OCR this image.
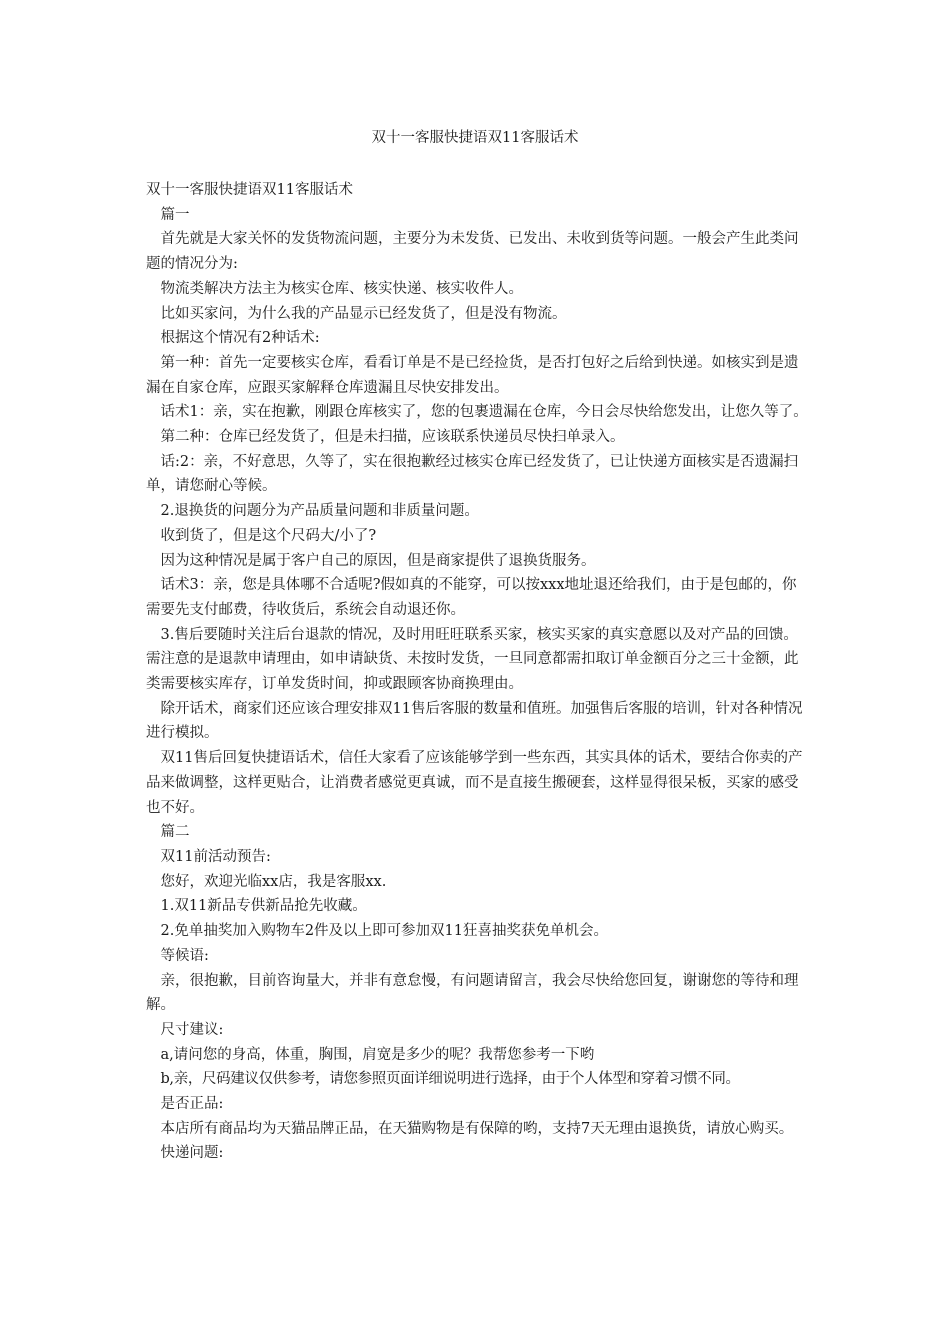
双十一客服快捷语双11客服话术

双十一客服快捷语双11客服话术

篇一

首先就是大家关怀的发货物流问题，主要分为未发货、已发出、未收到货等问题。一般会产生此类问题的情况分为:

物流类解决方法主为核实仓库、核实快递、核实收件人。

比如买家问，为什么我的产品显示已经发货了，但是没有物流。

根据这个情况有2种话术:

第一种：首先一定要核实仓库，看看订单是不是已经捡货，是否打包好之后给到快递。如核实到是遗漏在自家仓库，应跟买家解释仓库遗漏且尽快安排发出。

话术1：亲，实在抱歉，刚跟仓库核实了，您的包裹遗漏在仓库，今日会尽快给您发出，让您久等了。

第二种：仓库已经发货了，但是未扫描，应该联系快递员尽快扫单录入。

话:2：亲，不好意思，久等了，实在很抱歉经过核实仓库已经发货了，已让快递方面核实是否遗漏扫单，请您耐心等候。

2.退换货的问题分为产品质量问题和非质量问题。

收到货了，但是这个尺码大/小了?

因为这种情况是属于客户自己的原因，但是商家提供了退换货服务。

话术3：亲，您是具体哪不合适呢?假如真的不能穿，可以按xxx地址退还给我们，由于是包邮的，你需要先支付邮费，待收货后，系统会自动退还你。

3.售后要随时关注后台退款的情况，及时用旺旺联系买家，核实买家的真实意愿以及对产品的回馈。需注意的是退款申请理由，如申请缺货、未按时发货，一旦同意都需扣取订单金额百分之三十金额，此类需要核实库存，订单发货时间，抑或跟顾客协商换理由。

除开话术，商家们还应该合理安排双11售后客服的数量和值班。加强售后客服的培训，针对各种情况进行模拟。

双11售后回复快捷语话术，信任大家看了应该能够学到一些东西，其实具体的话术，要结合你卖的产品来做调整，这样更贴合，让消费者感觉更真诚，而不是直接生搬硬套，这样显得很呆板，买家的感受也不好。

篇二

双11前活动预告:

您好，欢迎光临xx店，我是客服xx.

1.双11新品专供新品抢先收藏。

2.免单抽奖加入购物车2件及以上即可参加双11狂喜抽奖获免单机会。

等候语:

亲，很抱歉，目前咨询量大，并非有意怠慢，有问题请留言，我会尽快给您回复，谢谢您的等待和理解。

尺寸建议:

a,请问您的身高，体重，胸围，肩宽是多少的呢？我帮您参考一下哟

b,亲，尺码建议仅供参考，请您参照页面详细说明进行选择，由于个人体型和穿着习惯不同。

是否正品:

本店所有商品均为天猫品牌正品，在天猫购物是有保障的哟，支持7天无理由退换货，请放心购买。

快递问题:
